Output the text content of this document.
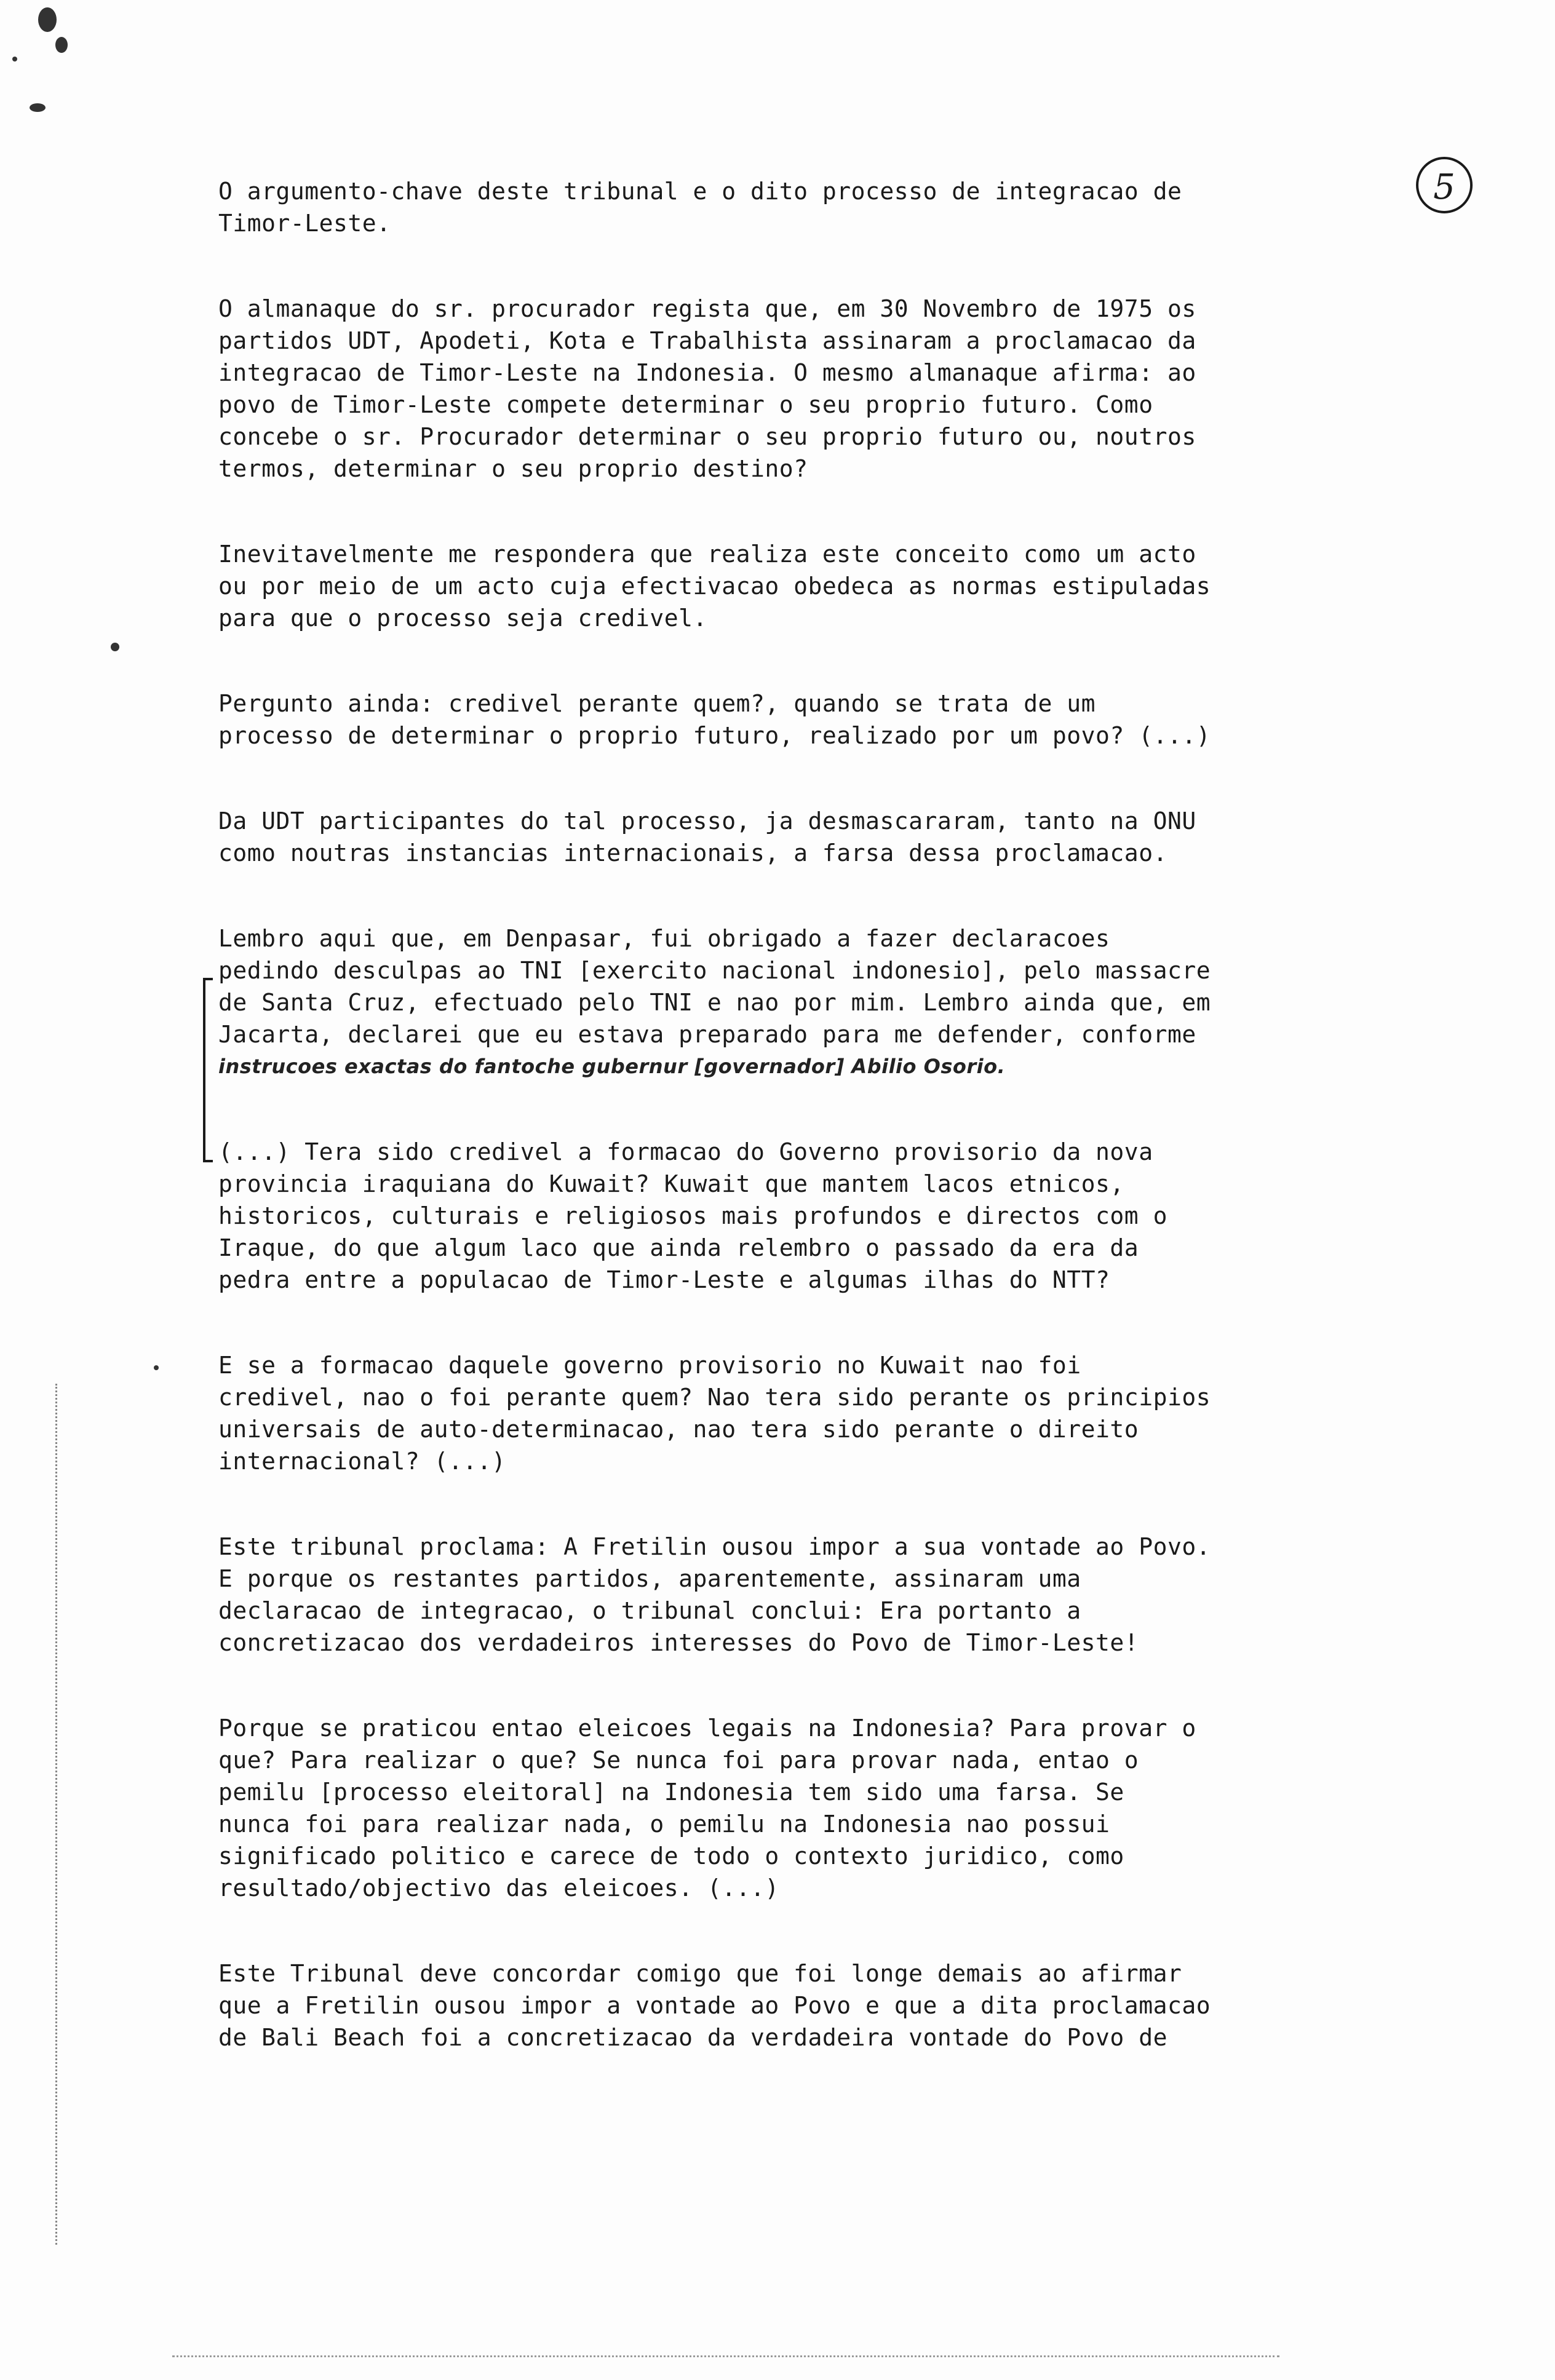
5
O argumento-chave deste tribunal e o dito processo de integracao de
Timor-Leste.
O almanaque do sr. procurador regista que, em 30 Novembro de 1975 os
partidos UDT, Apodeti, Kota e Trabalhista assinaram a proclamacao da
integracao de Timor-Leste na Indonesia. O mesmo almanaque afirma: ao
povo de Timor-Leste compete determinar o seu proprio futuro. Como
concebe o sr. Procurador determinar o seu proprio futuro ou, noutros
termos, determinar o seu proprio destino?
Inevitavelmente me respondera que realiza este conceito como um acto
ou por meio de um acto cuja efectivacao obedeca as normas estipuladas
para que o processo seja credivel.
Pergunto ainda: credivel perante quem?, quando se trata de um
processo de determinar o proprio futuro, realizado por um povo? (...)
Da UDT participantes do tal processo, ja desmascararam, tanto na ONU
como noutras instancias internacionais, a farsa dessa proclamacao.
Lembro aqui que, em Denpasar, fui obrigado a fazer declaracoes
pedindo desculpas ao TNI [exercito nacional indonesio], pelo massacre
de Santa Cruz, efectuado pelo TNI e nao por mim. Lembro ainda que, em
Jacarta, declarei que eu estava preparado para me defender, conforme
instrucoes exactas do fantoche gubernur [governador] Abilio Osorio.
(...) Tera sido credivel a formacao do Governo provisorio da nova
provincia iraquiana do Kuwait? Kuwait que mantem lacos etnicos,
historicos, culturais e religiosos mais profundos e directos com o
Iraque, do que algum laco que ainda relembro o passado da era da
pedra entre a populacao de Timor-Leste e algumas ilhas do NTT?
E se a formacao daquele governo provisorio no Kuwait nao foi
credivel, nao o foi perante quem? Nao tera sido perante os principios
universais de auto-determinacao, nao tera sido perante o direito
internacional? (...)
Este tribunal proclama: A Fretilin ousou impor a sua vontade ao Povo.
E porque os restantes partidos, aparentemente, assinaram uma
declaracao de integracao, o tribunal conclui: Era portanto a
concretizacao dos verdadeiros interesses do Povo de Timor-Leste!
Porque se praticou entao eleicoes legais na Indonesia? Para provar o
que? Para realizar o que? Se nunca foi para provar nada, entao o
pemilu [processo eleitoral] na Indonesia tem sido uma farsa. Se
nunca foi para realizar nada, o pemilu na Indonesia nao possui
significado politico e carece de todo o contexto juridico, como
resultado/objectivo das eleicoes. (...)
Este Tribunal deve concordar comigo que foi longe demais ao afirmar
que a Fretilin ousou impor a vontade ao Povo e que a dita proclamacao
de Bali Beach foi a concretizacao da verdadeira vontade do Povo de
